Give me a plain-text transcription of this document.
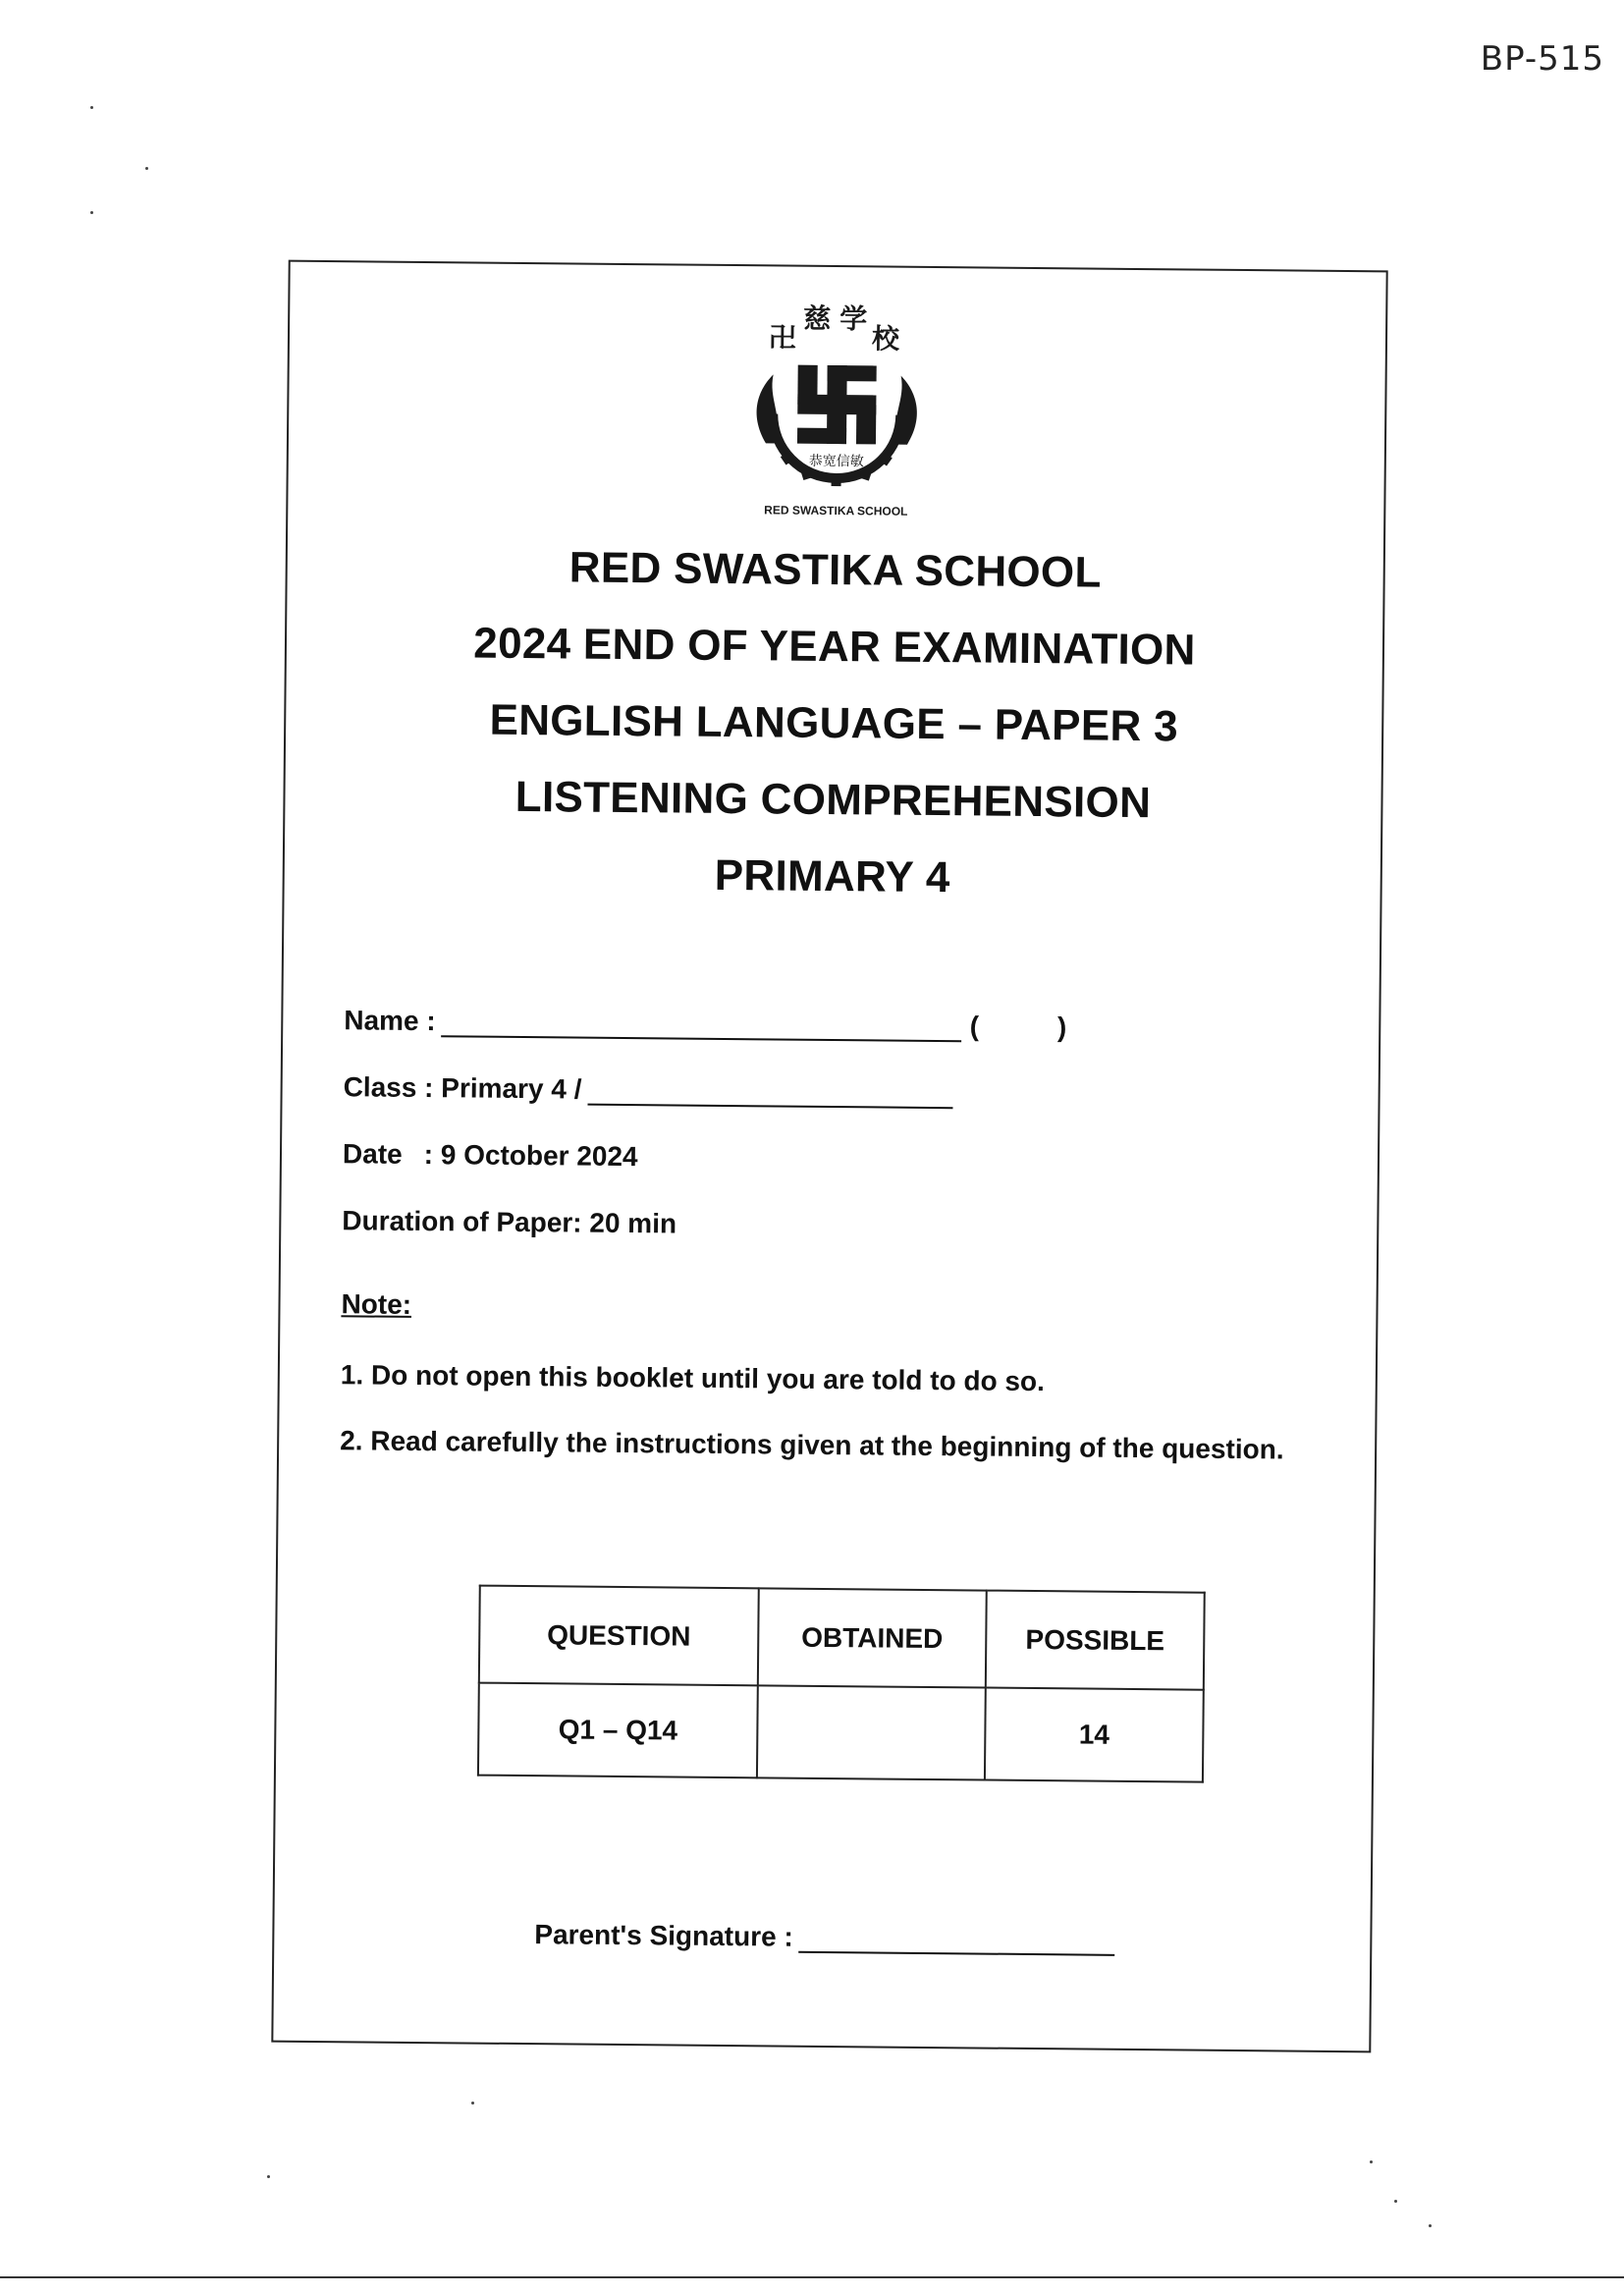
BP-515
卍
慈 学
校
恭宽信敏
RED SWASTIKA SCHOOL
RED SWASTIKA SCHOOL
2024 END OF YEAR EXAMINATION
ENGLISH LANGUAGE – PAPER 3
LISTENING COMPREHENSION
PRIMARY 4
Name :	(	)
Class : Primary 4 /
Date : 9 October 2024
Duration of Paper: 20 min
Note:
1. Do not open this booklet until you are told to do so.
2. Read carefully the instructions given at the beginning of the question.
QUESTION	OBTAINED	POSSIBLE
Q1 – Q14		14
Parent's Signature :
